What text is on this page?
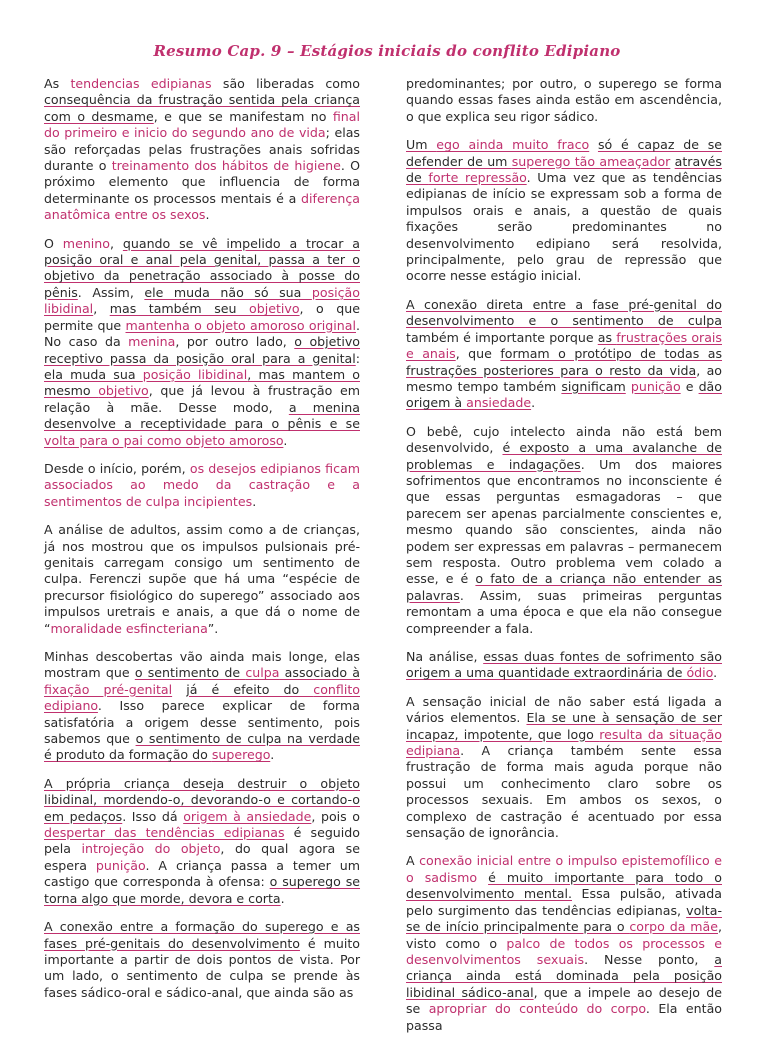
Resumo Cap. 9 – Estágios iniciais do conflito Edipiano

As tendencias edipianas são liberadas como consequência da frustração sentida pela criança com o desmame, e que se manifestam no final do primeiro e inicio do segundo ano de vida; elas são reforçadas pelas frustrações anais sofridas durante o treinamento dos hábitos de higiene. O próximo elemento que influencia de forma determinante os processos mentais é a diferença anatômica entre os sexos.

O menino, quando se vê impelido a trocar a posição oral e anal pela genital, passa a ter o objetivo da penetração associado à posse do pênis. Assim, ele muda não só sua posição libidinal, mas também seu objetivo, o que permite que mantenha o objeto amoroso original. No caso da menina, por outro lado, o objetivo receptivo passa da posição oral para a genital: ela muda sua posição libidinal, mas mantem o mesmo objetivo, que já levou à frustração em relação à mãe. Desse modo, a menina desenvolve a receptividade para o pênis e se volta para o pai como objeto amoroso.

Desde o início, porém, os desejos edipianos ficam associados ao medo da castração e a sentimentos de culpa incipientes.

A análise de adultos, assim como a de crianças, já nos mostrou que os impulsos pulsionais pré-genitais carregam consigo um sentimento de culpa. Ferenczi supõe que há uma “espécie de precursor fisiológico do superego” associado aos impulsos uretrais e anais, a que dá o nome de “moralidade esfincteriana”.

Minhas descobertas vão ainda mais longe, elas mostram que o sentimento de culpa associado à fixação pré-genital já é efeito do conflito edipiano. Isso parece explicar de forma satisfatória a origem desse sentimento, pois sabemos que o sentimento de culpa na verdade é produto da formação do superego.

A própria criança deseja destruir o objeto libidinal, mordendo-o, devorando-o e cortando-o em pedaços. Isso dá origem à ansiedade, pois o despertar das tendências edipianas é seguido pela introjeção do objeto, do qual agora se espera punição. A criança passa a temer um castigo que corresponda à ofensa: o superego se torna algo que morde, devora e corta.

A conexão entre a formação do superego e as fases pré-genitais do desenvolvimento é muito importante a partir de dois pontos de vista. Por um lado, o sentimento de culpa se prende às fases sádico-oral e sádico-anal, que ainda são as

predominantes; por outro, o superego se forma quando essas fases ainda estão em ascendência, o que explica seu rigor sádico.

Um ego ainda muito fraco só é capaz de se defender de um superego tão ameaçador através de forte repressão. Uma vez que as tendências edipianas de início se expressam sob a forma de impulsos orais e anais, a questão de quais fixações serão predominantes no desenvolvimento edipiano será resolvida, principalmente, pelo grau de repressão que ocorre nesse estágio inicial.

A conexão direta entre a fase pré-genital do desenvolvimento e o sentimento de culpa também é importante porque as frustrações orais e anais, que formam o protótipo de todas as frustrações posteriores para o resto da vida, ao mesmo tempo também significam punição e dão origem à ansiedade.

O bebê, cujo intelecto ainda não está bem desenvolvido, é exposto a uma avalanche de problemas e indagações. Um dos maiores sofrimentos que encontramos no inconsciente é que essas perguntas esmagadoras – que parecem ser apenas parcialmente conscientes e, mesmo quando são conscientes, ainda não podem ser expressas em palavras – permanecem sem resposta. Outro problema vem colado a esse, e é o fato de a criança não entender as palavras. Assim, suas primeiras perguntas remontam a uma época e que ela não consegue compreender a fala.

Na análise, essas duas fontes de sofrimento são origem a uma quantidade extraordinária de ódio.

A sensação inicial de não saber está ligada a vários elementos. Ela se une à sensação de ser incapaz, impotente, que logo resulta da situação edipiana. A criança também sente essa frustração de forma mais aguda porque não possui um conhecimento claro sobre os processos sexuais. Em ambos os sexos, o complexo de castração é acentuado por essa sensação de ignorância.

A conexão inicial entre o impulso epistemofílico e o sadismo é muito importante para todo o desenvolvimento mental. Essa pulsão, ativada pelo surgimento das tendências edipianas, volta-se de início principalmente para o corpo da mãe, visto como o palco de todos os processos e desenvolvimentos sexuais. Nesse ponto, a criança ainda está dominada pela posição libidinal sádico-anal, que a impele ao desejo de se apropriar do conteúdo do corpo. Ela então passa
